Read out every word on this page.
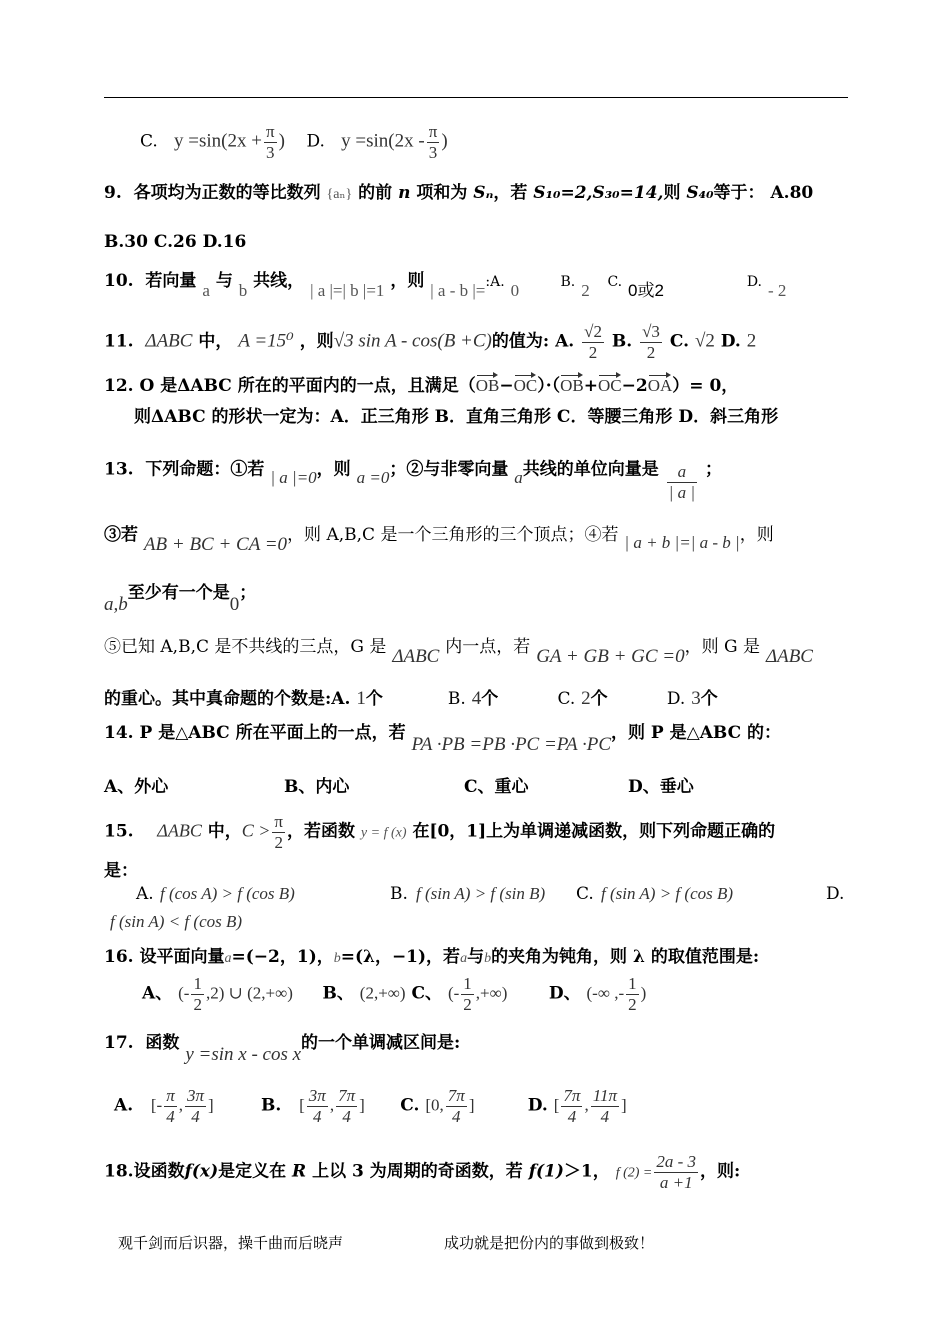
C. $y =\sin(2x + \frac{\pi}{3}$ ) D. $y =\sin(2x - \frac{\pi}{3}$ )
9. 各项均为正数的等比数列 {aₙ} 的前 n 项和为 Sₙ，若 S₁₀=2,S₃₀=14,则 S₄₀等于： A.80
B.30 C.26 D.16
10. 若向量 a 与 b 共线， | a |=| b |=1 ，则 | a - b |=:A. 0	B. 2 C. 0或2	D. - 2
11. ΔABC 中， A =15⁰ ，则√3 sin A - cos(B +C)的值为: A. $\frac{√2}{2} B$. $\frac{√3}{2} C$. √2 D. 2
12. O 是ΔABC 所在的平面内的一点，且满足（OB−OC）·（OB+OC−2OA）= 0，
则ΔABC 的形状一定为：A．正三角形 B．直角三角形 C．等腰三角形 D．斜三角形
13. 下列命题：①若 | a |=0，则 a =0；②与非零向量 a共线的单位向量是 $\frac{a}{| a |}$ ；
③若 AB + BC + CA =0，则 A,B,C 是一个三角形的三个顶点；④若 | a + b |=| a - b |，则
a,b至少有一个是0；
⑤已知 A,B,C 是不共线的三点，G 是 ΔABC 内一点，若 GA + GB + GC =0，则 G 是 ΔABC
的重心。其中真命题的个数是:A. 1个	B. 4个	C. 2个	D. 3个
14. P 是△ABC 所在平面上的一点，若 PA ·PB =PB ·PC =PA ·PC，则 P 是△ABC 的：
A、外心	B、内心	C、重心	D、垂心
15. ΔABC 中，$C > \frac{\pi}{2}$ ，若函数 y = f (x) 在[0，1]上为单调递减函数，则下列命题正确的
是：
A. f (cos A) > f (cos B)	B. f (sin A) > f (sin B) C. f (sin A) > f (cos B)	D.
f (sin A) < f (cos B)
16. 设平面向量a=(−2，1)，b=(λ，−1)，若a与b的夹角为钝角，则 λ 的取值范围是:
A、 (- $\frac{1}{2} ,2$) ∪ (2,+∞) B、 (2,+∞) C、 (- $\frac{1}{2}$ ,+∞) D、 (-∞ ,- $\frac{1}{2}$ )
17. 函数 y =sin x - cos x的一个单调减区间是:
A. [- $\frac{\pi}{4}$ , $\frac{3\pi}{4}$ ]	B. [ $\frac{3\pi}{4}$ , $\frac{7\pi}{4}$ ] C. [0, $\frac{7\pi}{4}$ ]	D. [ $\frac{7\pi}{4}$ , $\frac{11\pi}{4}$ ]
18.设函数f(x)是定义在 R 上以 3 为周期的奇函数，若 f(1)＞1， f $(2) = \frac{2a - 3}{a +1}$ ，则:
观千剑而后识器，操千曲而后晓声	成功就是把份内的事做到极致！
